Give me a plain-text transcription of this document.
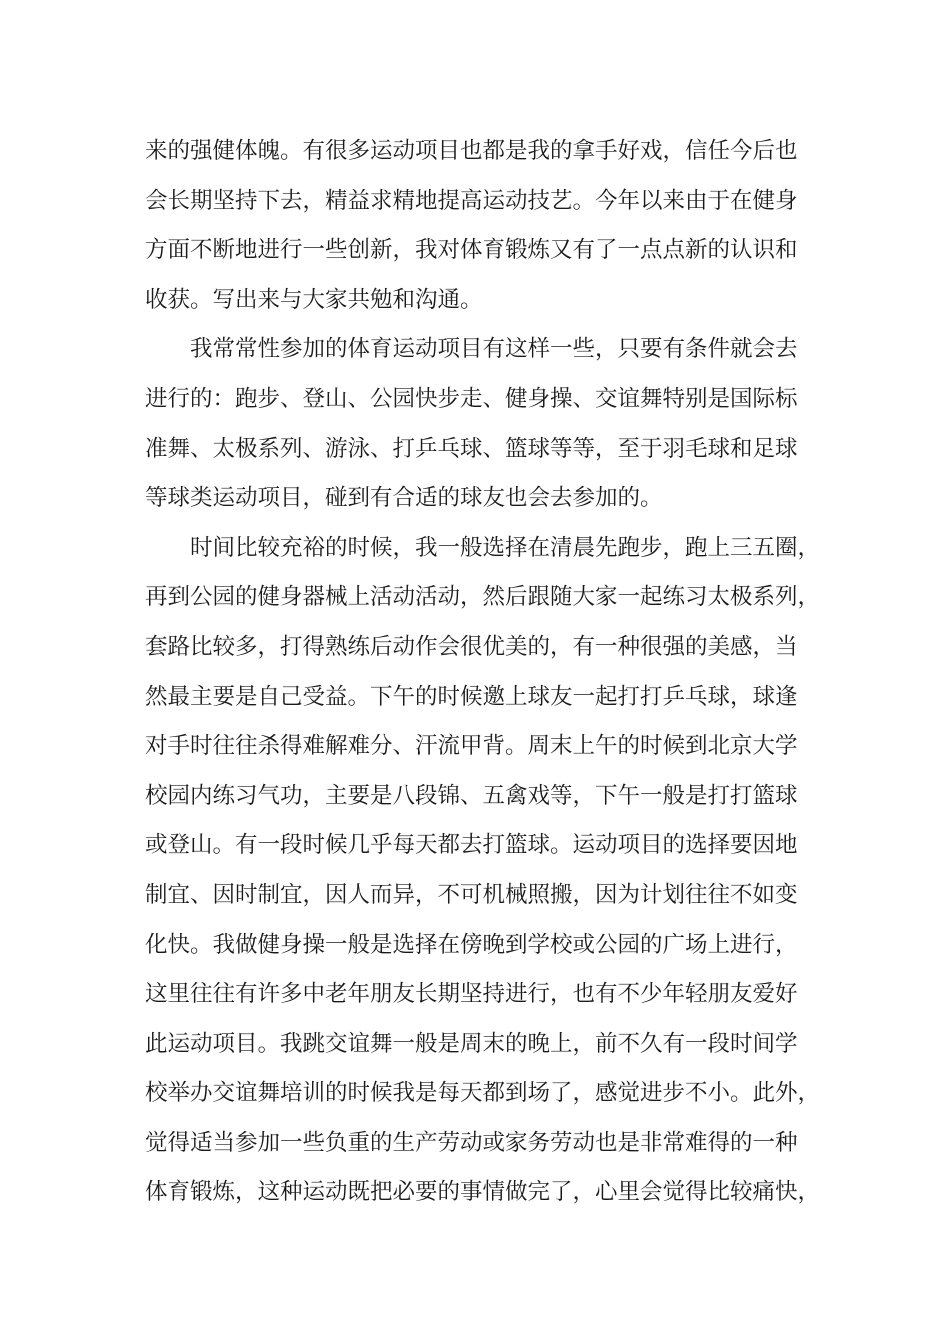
来的强健体魄。有很多运动项目也都是我的拿手好戏，信任今后也
会长期坚持下去，精益求精地提高运动技艺。今年以来由于在健身
方面不断地进行一些创新，我对体育锻炼又有了一点点新的认识和
收获。写出来与大家共勉和沟通。
我常常性参加的体育运动项目有这样一些，只要有条件就会去
进行的：跑步、登山、公园快步走、健身操、交谊舞特别是国际标
准舞、太极系列、游泳、打乒乓球、篮球等等，至于羽毛球和足球
等球类运动项目，碰到有合适的球友也会去参加的。
时间比较充裕的时候，我一般选择在清晨先跑步，跑上三五圈，
再到公园的健身器械上活动活动，然后跟随大家一起练习太极系列，
套路比较多，打得熟练后动作会很优美的，有一种很强的美感，当
然最主要是自己受益。下午的时候邀上球友一起打打乒乓球，球逢
对手时往往杀得难解难分、汗流甲背。周末上午的时候到北京大学
校园内练习气功，主要是八段锦、五禽戏等，下午一般是打打篮球
或登山。有一段时候几乎每天都去打篮球。运动项目的选择要因地
制宜、因时制宜，因人而异，不可机械照搬，因为计划往往不如变
化快。我做健身操一般是选择在傍晚到学校或公园的广场上进行，
这里往往有许多中老年朋友长期坚持进行，也有不少年轻朋友爱好
此运动项目。我跳交谊舞一般是周末的晚上，前不久有一段时间学
校举办交谊舞培训的时候我是每天都到场了，感觉进步不小。此外，
觉得适当参加一些负重的生产劳动或家务劳动也是非常难得的一种
体育锻炼，这种运动既把必要的事情做完了，心里会觉得比较痛快，
